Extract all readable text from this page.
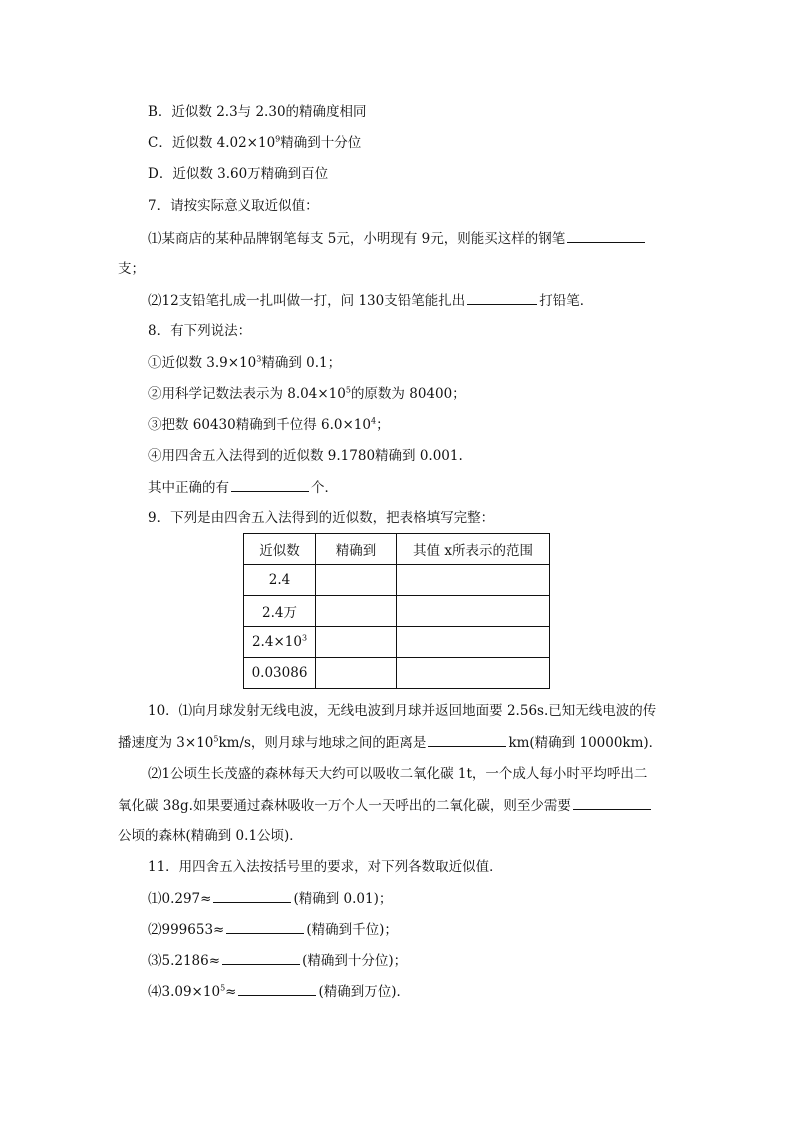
B．近似数 2.3与 2.30的精确度相同
C．近似数 $4.02\times 10^9$精确到十分位
D．近似数 3.60万精确到百位
7．请按实际意义取近似值：
⑴某商店的某种品牌钢笔每支 5元，小明现有 9元，则能买这样的钢笔
支；
⑵12支铅笔扎成一扎叫做一打，问 130支铅笔能扎出	打铅笔．
8．有下列说法：
①近似数 $3.9\times 10^3$精确到 0.1；
②用科学记数法表示为 $8.04\times 10^5$的原数为 80400；
③把数 60430精确到千位得 $6.0\times 10^4$；
④用四舍五入法得到的近似数 9.1780精确到 0.001.
其中正确的有	个．
9．下列是由四舍五入法得到的近似数，把表格填写完整：
近似数	精确到	其值 x所表示的范围
2.4		
2.4万		
$2.4\times 10^3$		
0.03086		
10．⑴向月球发射无线电波，无线电波到月球并返回地面要 2.56s.已知无线电波的传
播速度为 $3\times 10^5km/s$，则月球与地球之间的距离是	km(精确到 10000km)．
⑵1公顷生长茂盛的森林每天大约可以吸收二氧化碳 1t，一个成人每小时平均呼出二
氧化碳 38g.如果要通过森林吸收一万个人一天呼出的二氧化碳，则至少需要
公顷的森林(精确到 0.1公顷)．
11．用四舍五入法按括号里的要求，对下列各数取近似值．
⑴0.297≈	(精确到 0.01)；
⑵999653≈	(精确到千位)；
⑶5.2186≈	(精确到十分位)；
$⑷3.09\times 10^5\approx$	(精确到万位)．
